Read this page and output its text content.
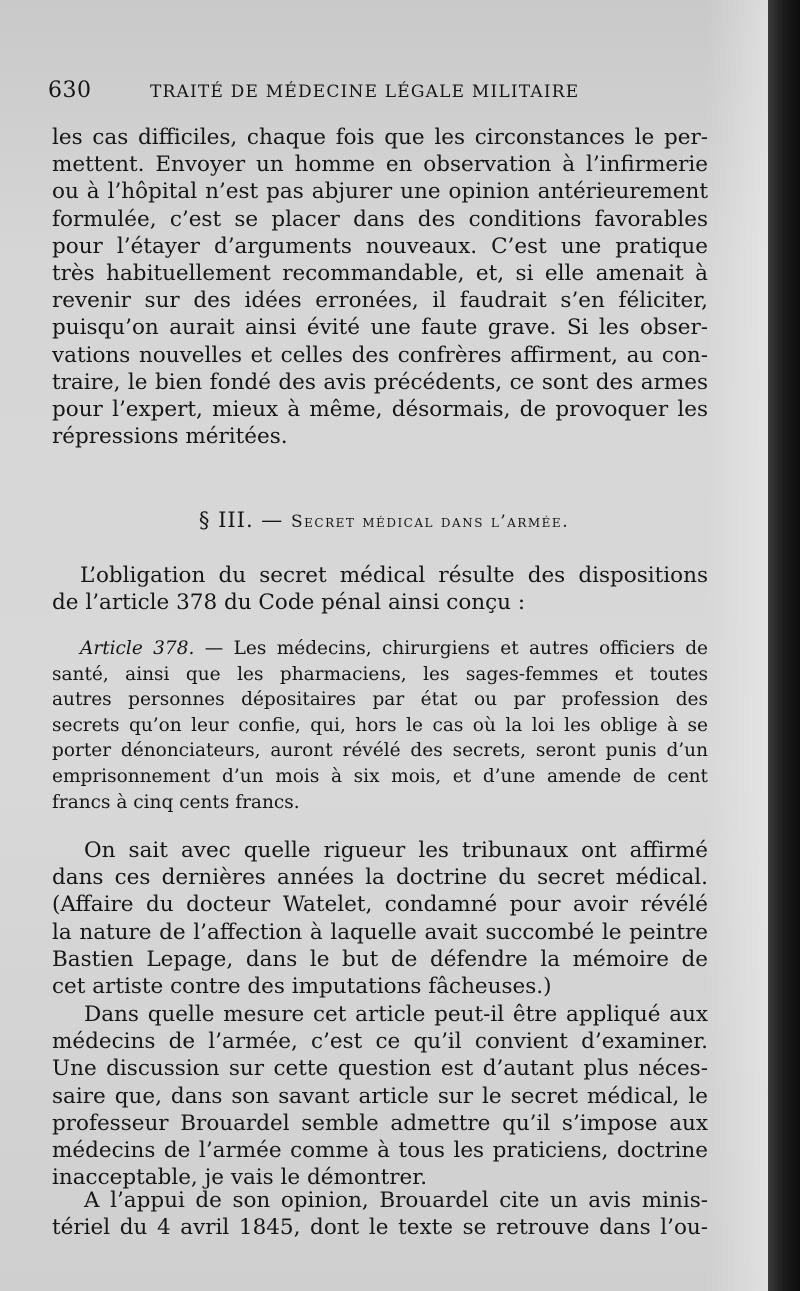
630	TRAITÉ DE MÉDECINE LÉGALE MILITAIRE
les cas difficiles, chaque fois que les circonstances le per-
mettent. Envoyer un homme en observation à l’infirmerie
ou à l’hôpital n’est pas abjurer une opinion antérieurement
formulée, c’est se placer dans des conditions favorables
pour l’étayer d’arguments nouveaux. C’est une pratique
très habituellement recommandable, et, si elle amenait à
revenir sur des idées erronées, il faudrait s’en féliciter,
puisqu’on aurait ainsi évité une faute grave. Si les obser-
vations nouvelles et celles des confrères affirment, au con-
traire, le bien fondé des avis précédents, ce sont des armes
pour l’expert, mieux à même, désormais, de provoquer les
répressions méritées.
§ III. — Secret médical dans l’armée.
L’obligation du secret médical résulte des dispositions
de l’article 378 du Code pénal ainsi conçu :
Article 378. — Les médecins, chirurgiens et autres officiers de
santé, ainsi que les pharmaciens, les sages-femmes et toutes
autres personnes dépositaires par état ou par profession des
secrets qu’on leur confie, qui, hors le cas où la loi les oblige à se
porter dénonciateurs, auront révélé des secrets, seront punis d’un
emprisonnement d’un mois à six mois, et d’une amende de cent
francs à cinq cents francs.
On sait avec quelle rigueur les tribunaux ont affirmé
dans ces dernières années la doctrine du secret médical.
(Affaire du docteur Watelet, condamné pour avoir révélé
la nature de l’affection à laquelle avait succombé le peintre
Bastien Lepage, dans le but de défendre la mémoire de
cet artiste contre des imputations fâcheuses.)
Dans quelle mesure cet article peut-il être appliqué aux
médecins de l’armée, c’est ce qu’il convient d’examiner.
Une discussion sur cette question est d’autant plus néces-
saire que, dans son savant article sur le secret médical, le
professeur Brouardel semble admettre qu’il s’impose aux
médecins de l’armée comme à tous les praticiens, doctrine
inacceptable, je vais le démontrer.
A l’appui de son opinion, Brouardel cite un avis minis-
tériel du 4 avril 1845, dont le texte se retrouve dans l’ou-
